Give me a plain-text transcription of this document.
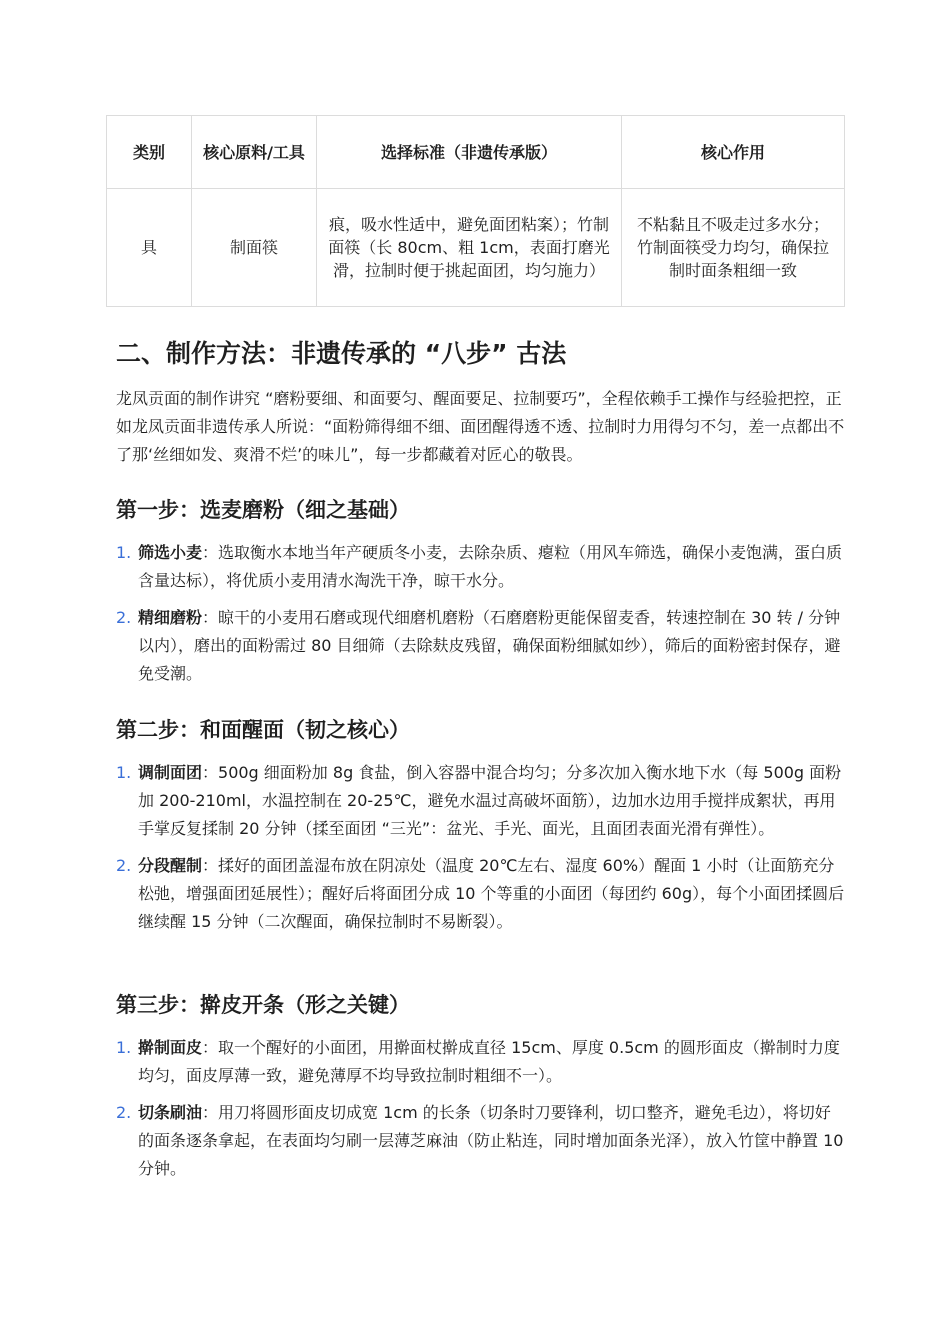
类别	核心原料/工具	选择标准（非遗传承版）	核心作用
具	制面筷	痕，吸水性适中，避免面团粘案）；竹制面筷（长 80cm、粗 1cm，表面打磨光滑，拉制时便于挑起面团，均匀施力）	不粘黏且不吸走过多水分；竹制面筷受力均匀，确保拉制时面条粗细一致
二、制作方法：非遗传承的 “八步” 古法

龙凤贡面的制作讲究 “磨粉要细、和面要匀、醒面要足、拉制要巧”，全程依赖手工操作与经验把控，正如龙凤贡面非遗传承人所说：“面粉筛得细不细、面团醒得透不透、拉制时力用得匀不匀，差一点都出不了那‘丝细如发、爽滑不烂’的味儿”，每一步都藏着对匠心的敬畏。

第一步：选麦磨粉（细之基础）
1. 筛选小麦：选取衡水本地当年产硬质冬小麦，去除杂质、瘪粒（用风车筛选，确保小麦饱满，蛋白质含量达标），将优质小麦用清水淘洗干净，晾干水分。
2. 精细磨粉：晾干的小麦用石磨或现代细磨机磨粉（石磨磨粉更能保留麦香，转速控制在 30 转 / 分钟以内），磨出的面粉需过 80 目细筛（去除麸皮残留，确保面粉细腻如纱），筛后的面粉密封保存，避免受潮。
第二步：和面醒面（韧之核心）
1. 调制面团：500g 细面粉加 8g 食盐，倒入容器中混合均匀；分多次加入衡水地下水（每 500g 面粉加 200-210ml，水温控制在 20-25℃，避免水温过高破坏面筋），边加水边用手搅拌成絮状，再用手掌反复揉制 20 分钟（揉至面团 “三光”：盆光、手光、面光，且面团表面光滑有弹性）。
2. 分段醒制：揉好的面团盖湿布放在阴凉处（温度 20℃左右、湿度 60%）醒面 1 小时（让面筋充分松弛，增强面团延展性）；醒好后将面团分成 10 个等重的小面团（每团约 60g），每个小面团揉圆后继续醒 15 分钟（二次醒面，确保拉制时不易断裂）。
第三步：擀皮开条（形之关键）
1. 擀制面皮：取一个醒好的小面团，用擀面杖擀成直径 15cm、厚度 0.5cm 的圆形面皮（擀制时力度均匀，面皮厚薄一致，避免薄厚不均导致拉制时粗细不一）。
2. 切条刷油：用刀将圆形面皮切成宽 1cm 的长条（切条时刀要锋利，切口整齐，避免毛边），将切好的面条逐条拿起，在表面均匀刷一层薄芝麻油（防止粘连，同时增加面条光泽），放入竹筐中静置 10 分钟。
